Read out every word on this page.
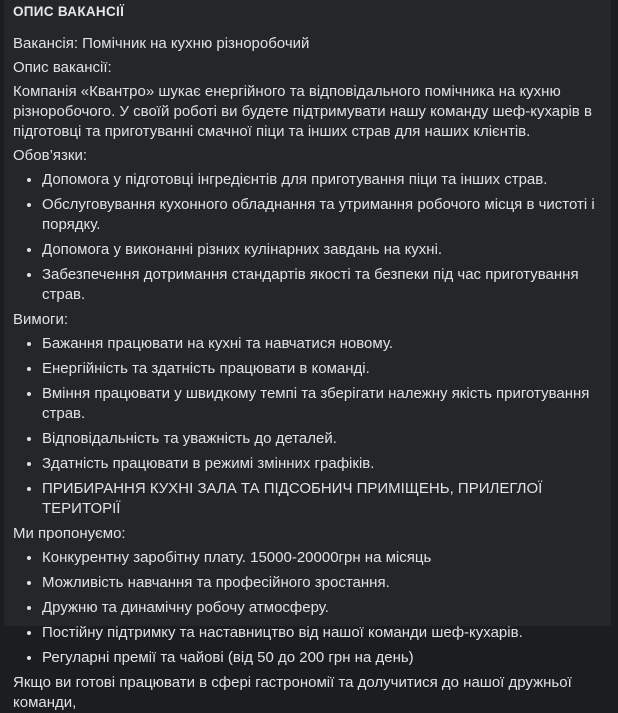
ОПИС ВАКАНСІЇ

Вакансія: Помічник на кухню різноробочий

Опис вакансії:

Компанія «Квантро» шукає енергійного та відповідального помічника на кухню різноробочого. У своїй роботі ви будете підтримувати нашу команду шеф-кухарів в підготовці та приготуванні смачної піци та інших страв для наших клієнтів.

Обов’язки:

• Допомога у підготовці інгредієнтів для приготування піци та інших страв.
• Обслуговування кухонного обладнання та утримання робочого місця в чистоті і порядку.
• Допомога у виконанні різних кулінарних завдань на кухні.
• Забезпечення дотримання стандартів якості та безпеки під час приготування страв.

Вимоги:

• Бажання працювати на кухні та навчатися новому.
• Енергійність та здатність працювати в команді.
• Вміння працювати у швидкому темпі та зберігати належну якість приготування страв.
• Відповідальність та уважність до деталей.
• Здатність працювати в режимі змінних графіків.
• ПРИБИРАННЯ КУХНІ ЗАЛА ТА ПІДСОБНИЧ ПРИМІЩЕНЬ, ПРИЛЕГЛОЇ ТЕРИТОРІЇ

Ми пропонуємо:

• Конкурентну заробітну плату. 15000-20000грн на місяць
• Можливість навчання та професійного зростання.
• Дружню та динамічну робочу атмосферу.
• Постійну підтримку та наставництво від нашої команди шеф-кухарів.
• Регуларні премії та чайові (від 50 до 200 грн на день)

Якщо ви готові працювати в сфері гастрономії та долучитися до нашої дружньої команди,
